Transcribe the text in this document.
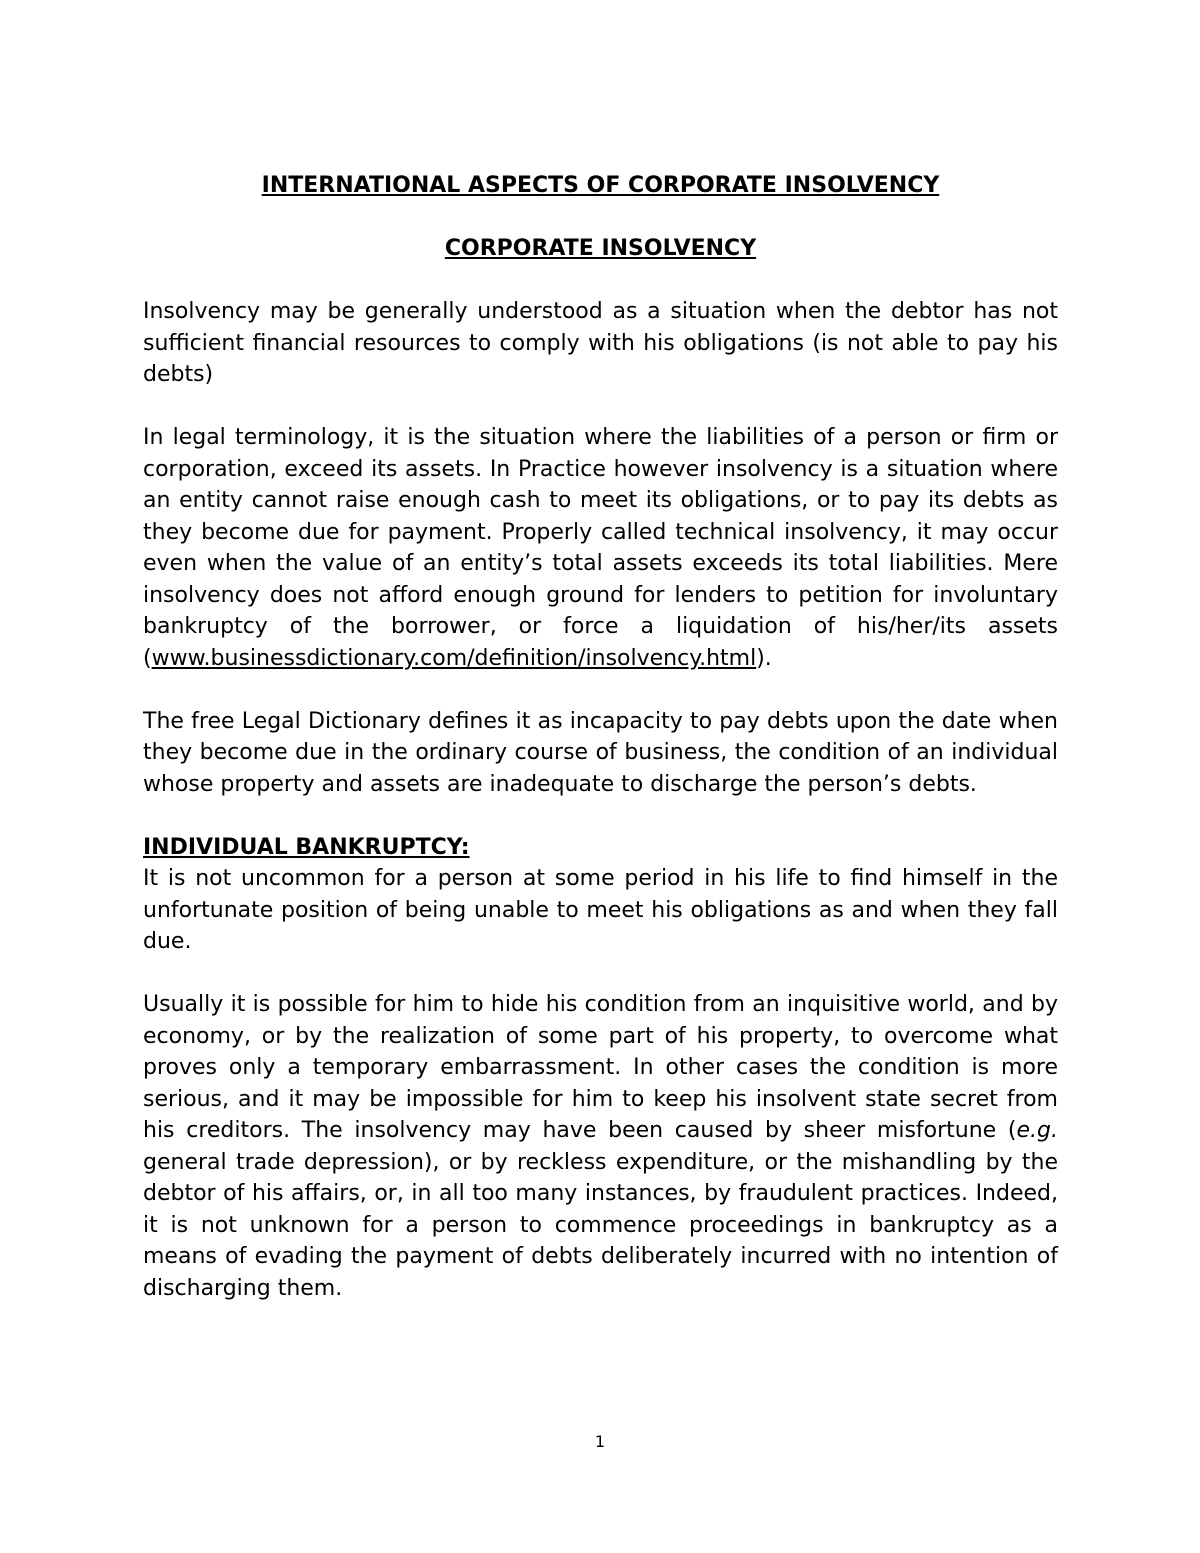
INTERNATIONAL ASPECTS OF CORPORATE INSOLVENCY
CORPORATE INSOLVENCY

Insolvency may be generally understood as a situation when the debtor has not sufficient financial resources to comply with his obligations (is not able to pay his debts)

In legal terminology, it is the situation where the liabilities of a person or firm or corporation, exceed its assets. In Practice however insolvency is a situation where an entity cannot raise enough cash to meet its obligations, or to pay its debts as they become due for payment. Properly called technical insolvency, it may occur even when the value of an entity’s total assets exceeds its total liabilities. Mere insolvency does not afford enough ground for lenders to petition for involuntary bankruptcy of the borrower, or force a liquidation of his/her/its assets (www.businessdictionary.com/definition/insolvency.html).

The free Legal Dictionary defines it as incapacity to pay debts upon the date when they become due in the ordinary course of business, the condition of an individual whose property and assets are inadequate to discharge the person’s debts.

INDIVIDUAL BANKRUPTCY:
It is not uncommon for a person at some period in his life to find himself in the unfortunate position of being unable to meet his obligations as and when they fall due.

Usually it is possible for him to hide his condition from an inquisitive world, and by economy, or by the realization of some part of his property, to overcome what proves only a temporary embarrassment. In other cases the condition is more serious, and it may be impossible for him to keep his insolvent state secret from his creditors. The insolvency may have been caused by sheer misfortune (e.g. general trade depression), or by reckless expenditure, or the mishandling by the debtor of his affairs, or, in all too many instances, by fraudulent practices. Indeed, it is not unknown for a person to commence proceedings in bankruptcy as a means of evading the payment of debts deliberately incurred with no intention of discharging them.

1
